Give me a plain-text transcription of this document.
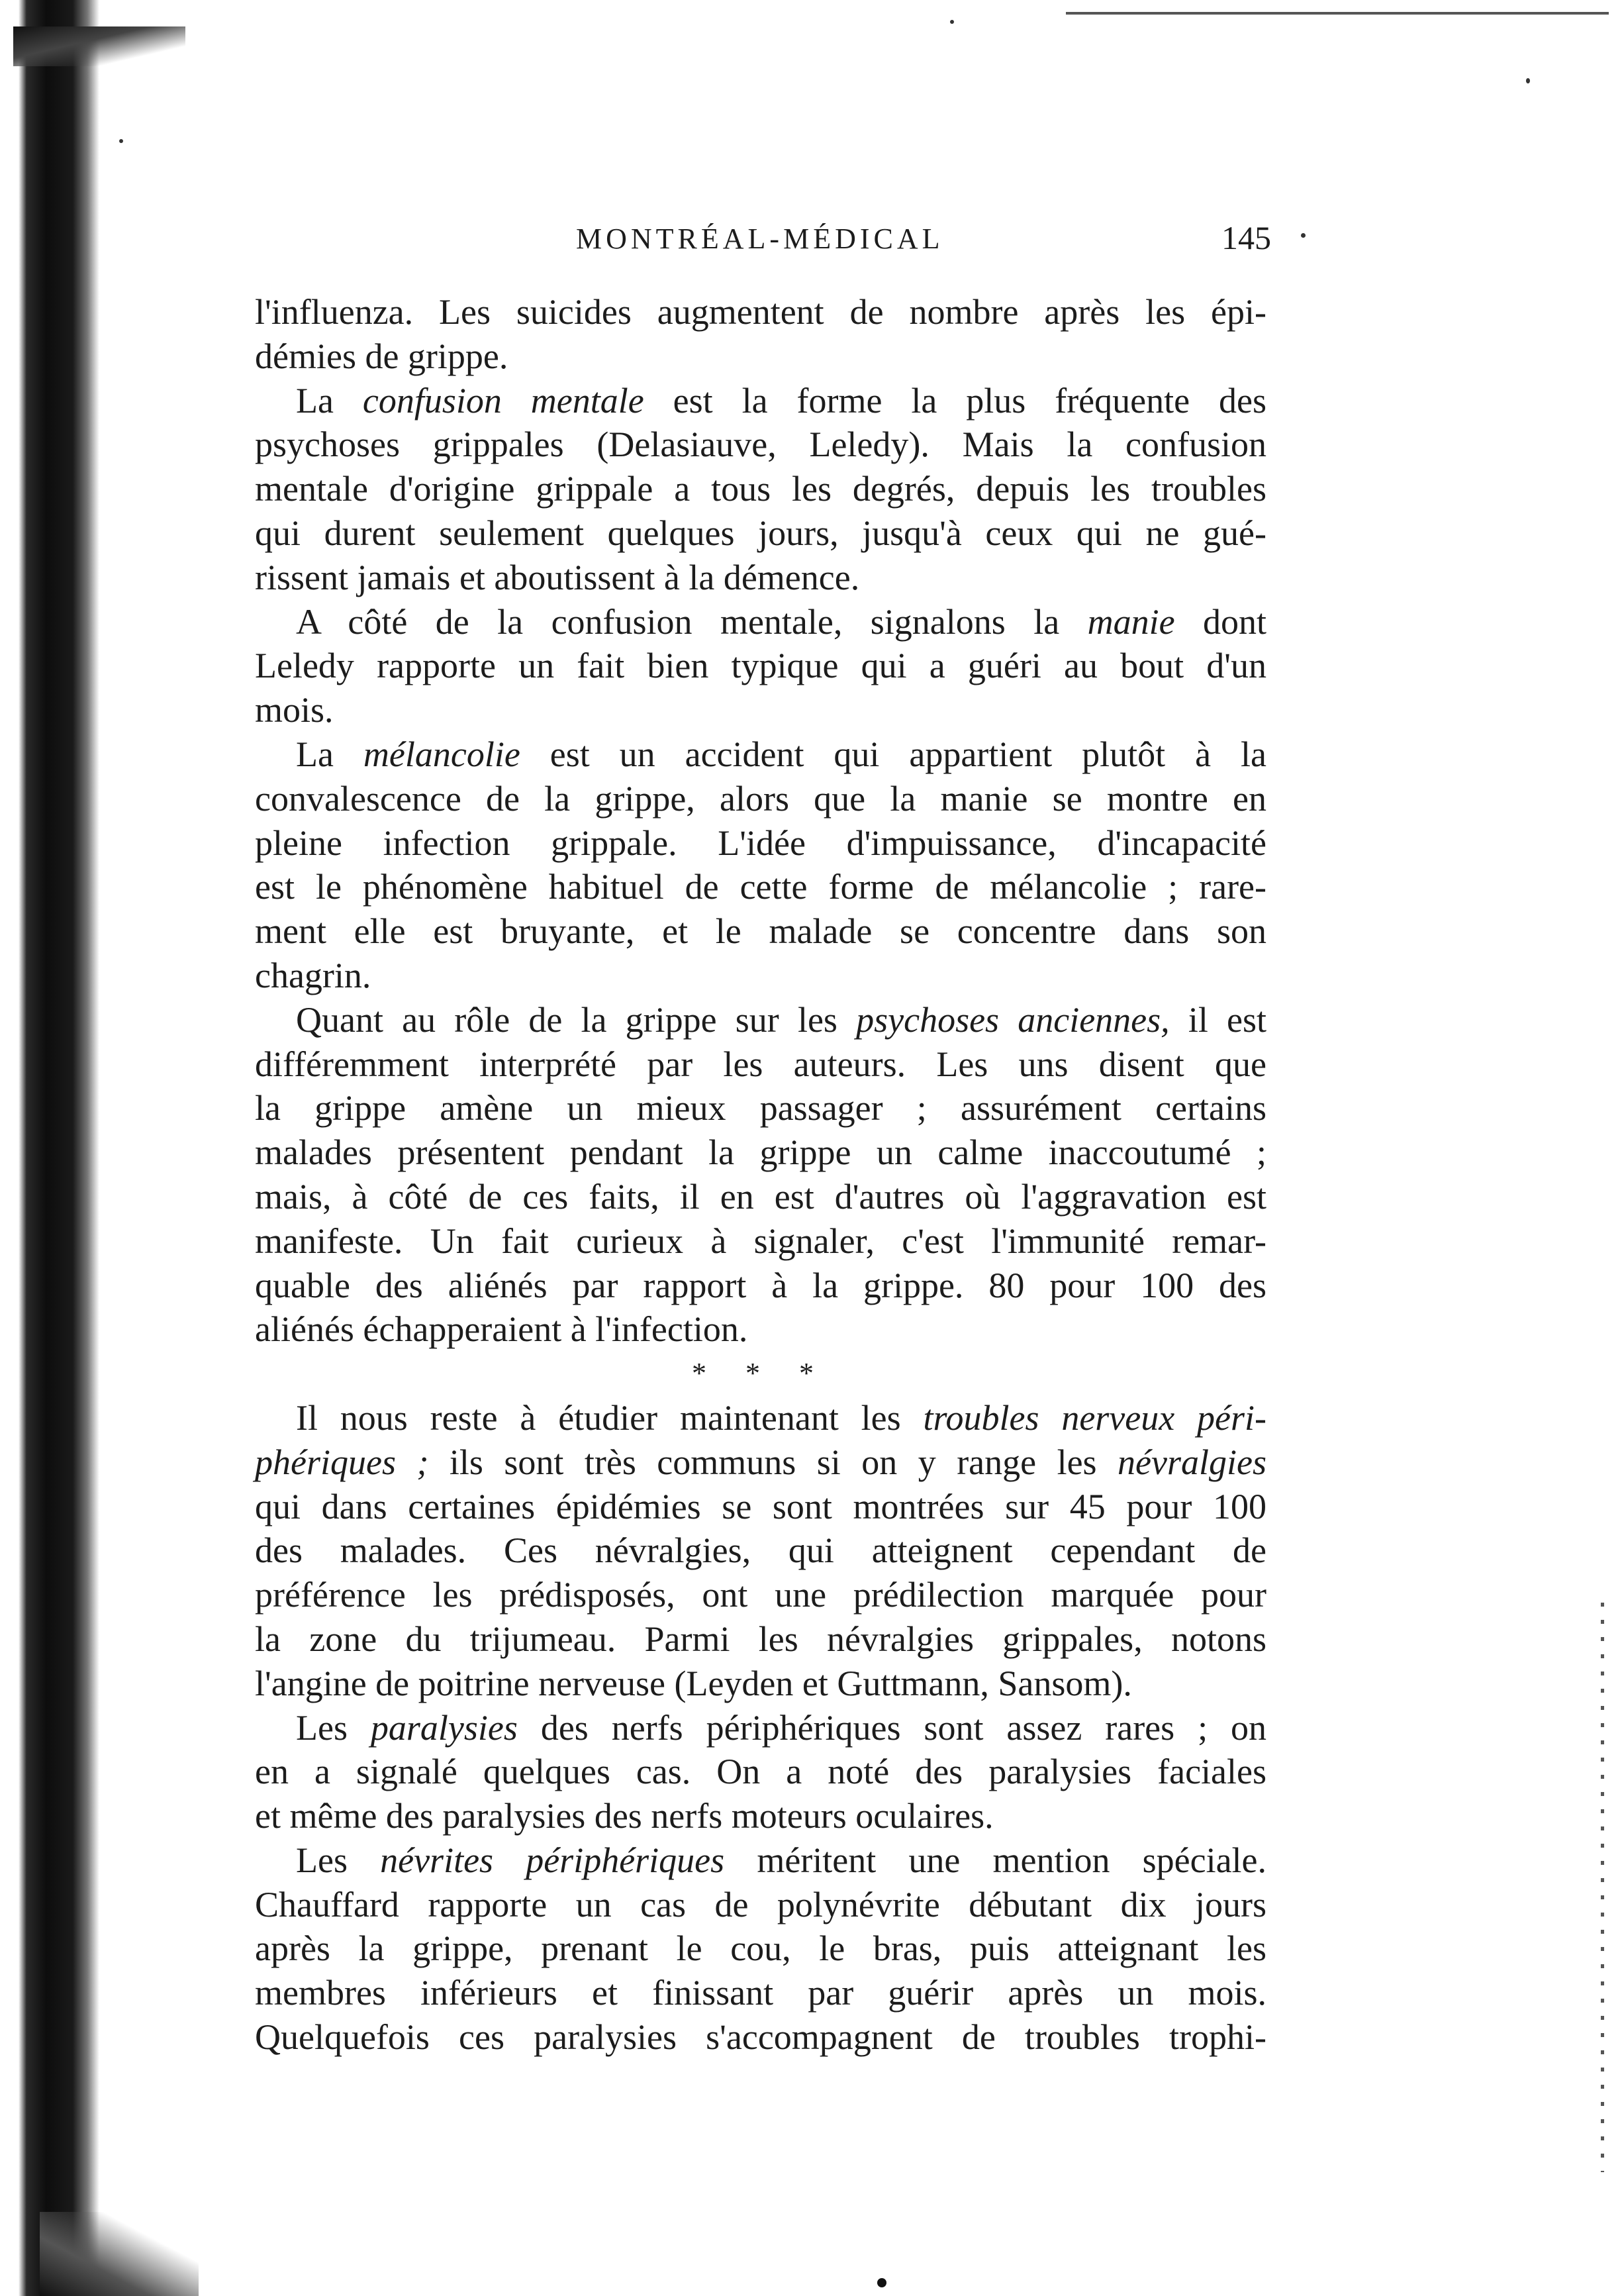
MONTRÉAL-MÉDICAL	145
l'influenza. Les suicides augmentent de nombre après les épi-
démies de grippe.
La confusion mentale est la forme la plus fréquente des
psychoses grippales (Delasiauve, Leledy). Mais la confusion
mentale d'origine grippale a tous les degrés, depuis les troubles
qui durent seulement quelques jours, jusqu'à ceux qui ne gué-
rissent jamais et aboutissent à la démence.
A côté de la confusion mentale, signalons la manie dont
Leledy rapporte un fait bien typique qui a guéri au bout d'un
mois.
La mélancolie est un accident qui appartient plutôt à la
convalescence de la grippe, alors que la manie se montre en
pleine infection grippale. L'idée d'impuissance, d'incapacité
est le phénomène habituel de cette forme de mélancolie ; rare-
ment elle est bruyante, et le malade se concentre dans son
chagrin.
Quant au rôle de la grippe sur les psychoses anciennes, il est
différemment interprété par les auteurs. Les uns disent que
la grippe amène un mieux passager ; assurément certains
malades présentent pendant la grippe un calme inaccoutumé ;
mais, à côté de ces faits, il en est d'autres où l'aggravation est
manifeste. Un fait curieux à signaler, c'est l'immunité remar-
quable des aliénés par rapport à la grippe. 80 pour 100 des
aliénés échapperaient à l'infection.
* * *
Il nous reste à étudier maintenant les troubles nerveux péri-
phériques ; ils sont très communs si on y range les névralgies
qui dans certaines épidémies se sont montrées sur 45 pour 100
des malades. Ces névralgies, qui atteignent cependant de
préférence les prédisposés, ont une prédilection marquée pour
la zone du trijumeau. Parmi les névralgies grippales, notons
l'angine de poitrine nerveuse (Leyden et Guttmann, Sansom).
Les paralysies des nerfs périphériques sont assez rares ; on
en a signalé quelques cas. On a noté des paralysies faciales
et même des paralysies des nerfs moteurs oculaires.
Les névrites périphériques méritent une mention spéciale.
Chauffard rapporte un cas de polynévrite débutant dix jours
après la grippe, prenant le cou, le bras, puis atteignant les
membres inférieurs et finissant par guérir après un mois.
Quelquefois ces paralysies s'accompagnent de troubles trophi-
